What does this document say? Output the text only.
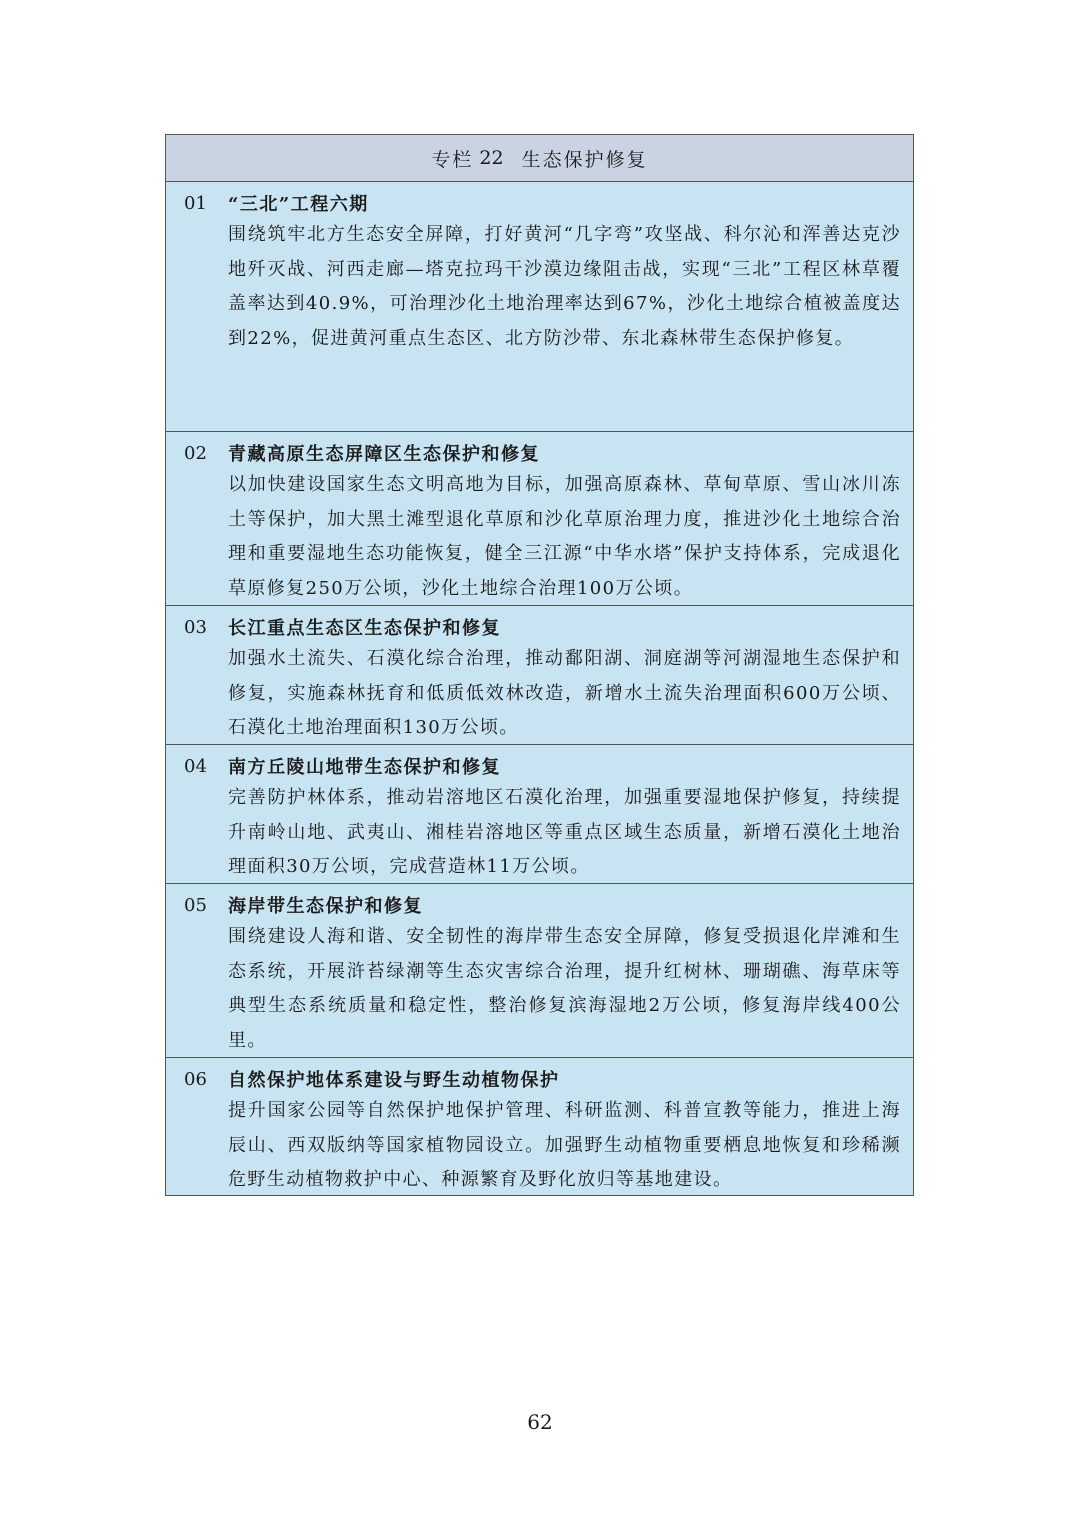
专栏 22 生态保护修复
01	“三北”工程六期
围绕筑牢北方生态安全屏障，打好黄河“几字弯”攻坚战、科尔沁和浑善达克沙地歼灭战、河西走廊—塔克拉玛干沙漠边缘阻击战，实现“三北”工程区林草覆盖率达到40.9%，可治理沙化土地治理率达到67%，沙化土地综合植被盖度达到22%，促进黄河重点生态区、北方防沙带、东北森林带生态保护修复。
02	青藏高原生态屏障区生态保护和修复
以加快建设国家生态文明高地为目标，加强高原森林、草甸草原、雪山冰川冻土等保护，加大黑土滩型退化草原和沙化草原治理力度，推进沙化土地综合治理和重要湿地生态功能恢复，健全三江源“中华水塔”保护支持体系，完成退化草原修复250万公顷，沙化土地综合治理100万公顷。
03	长江重点生态区生态保护和修复
加强水土流失、石漠化综合治理，推动鄱阳湖、洞庭湖等河湖湿地生态保护和修复，实施森林抚育和低质低效林改造，新增水土流失治理面积600万公顷、石漠化土地治理面积130万公顷。
04	南方丘陵山地带生态保护和修复
完善防护林体系，推动岩溶地区石漠化治理，加强重要湿地保护修复，持续提升南岭山地、武夷山、湘桂岩溶地区等重点区域生态质量，新增石漠化土地治理面积30万公顷，完成营造林11万公顷。
05	海岸带生态保护和修复
围绕建设人海和谐、安全韧性的海岸带生态安全屏障，修复受损退化岸滩和生态系统，开展浒苔绿潮等生态灾害综合治理，提升红树林、珊瑚礁、海草床等典型生态系统质量和稳定性，整治修复滨海湿地2万公顷，修复海岸线400公里。
06	自然保护地体系建设与野生动植物保护
提升国家公园等自然保护地保护管理、科研监测、科普宣教等能力，推进上海辰山、西双版纳等国家植物园设立。加强野生动植物重要栖息地恢复和珍稀濒危野生动植物救护中心、种源繁育及野化放归等基地建设。
62
